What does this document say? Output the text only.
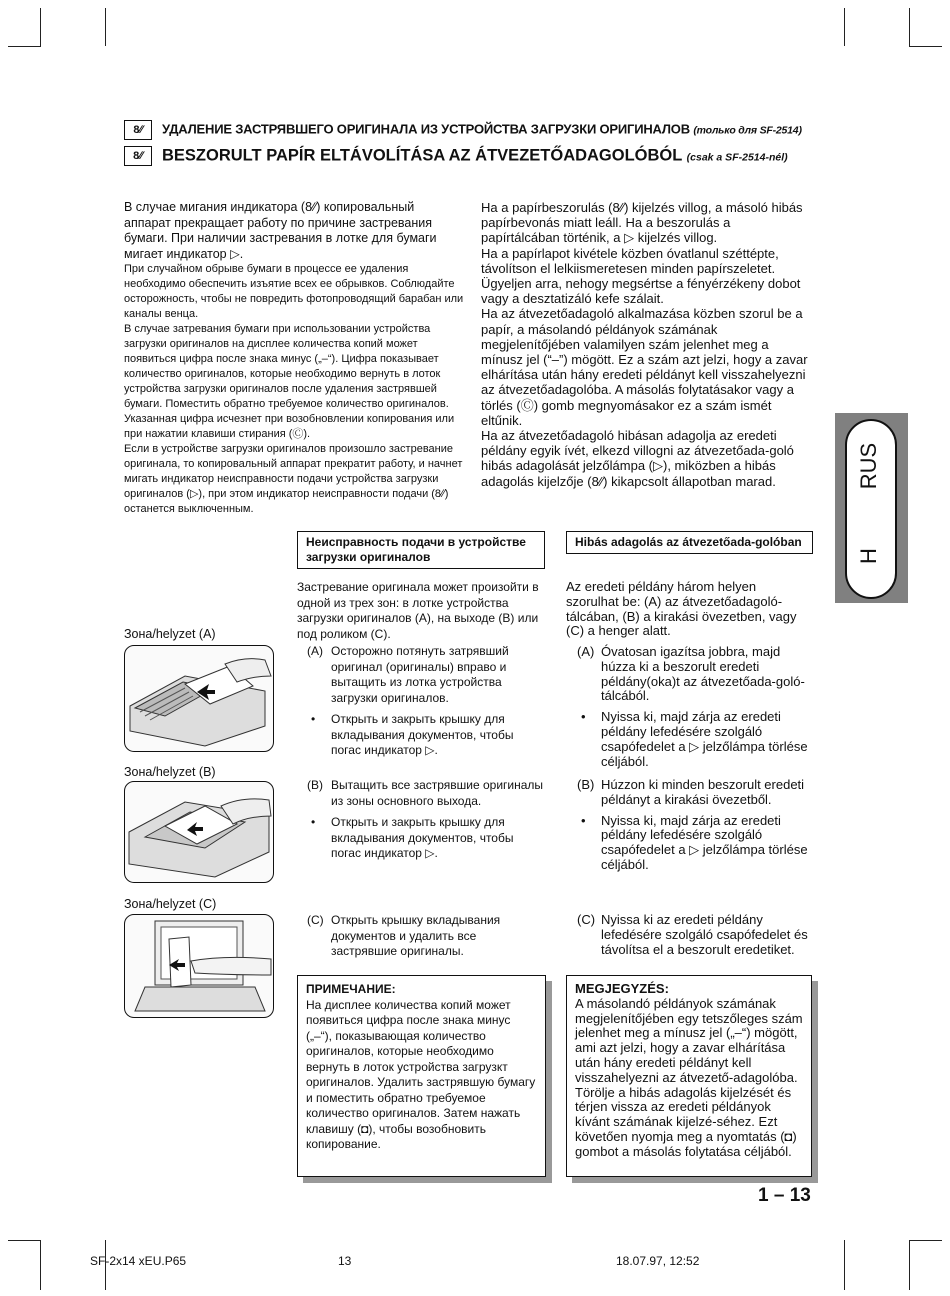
8∕∕ УДАЛЕНИЕ ЗАСТРЯВШЕГО ОРИГИНАЛА ИЗ УСТРОЙСТВА ЗАГРУЗКИ ОРИГИНАЛОВ (только для SF-2514)
8∕∕ BESZORULT PAPÍR ELTÁVOLÍTÁSA AZ ÁTVEZETŐADAGOLÓBÓL (csak a SF-2514-nél)

В случае мигания индикатора (8∕∕) копировальный аппарат прекращает работу по причине застревания бумаги. При наличии застревания в лотке для бумаги мигает индикатор ▷.

При случайном обрыве бумаги в процессе ее удаления необходимо обеспечить изъятие всех ее обрывков. Соблюдайте осторожность, чтобы не повредить фотопроводящий барабан или каналы венца.

В случае затревания бумаги при использовании устройства загрузки оригиналов на дисплее количества копий может появиться цифра после знака минус („–“). Цифра показывает количество оригиналов, которые необходимо вернуть в лоток устройства загрузки оригиналов после удаления застрявшей бумаги. Поместить обратно требуемое количество оригиналов. Указанная цифра исчезнет при возобновлении копирования или при нажатии клавиши стирания (Ⓒ).

Если в устройстве загрузки оригиналов произошло застревание оригинала, то копировальный аппарат прекратит работу, и начнет мигать индикатор неисправности подачи устройства загрузки оригиналов (▷), при этом индикатор неисправности подачи (8∕∕) останется выключенным.

Ha a papírbeszorulás (8∕∕) kijelzés villog, a másoló hibás papírbevonás miatt leáll. Ha a beszorulás a papírtálcában történik, a ▷ kijelzés villog.

Ha a papírlapot kivétele közben óvatlanul széttépte, távolítson el lelkiismeretesen minden papírszeletet. Ügyeljen arra, nehogy megsértse a fényérzékeny dobot vagy a desztatizáló kefe szálait.

Ha az átvezetőadagoló alkalmazása közben szorul be a papír, a másolandó példányok számának megjelenítőjében valamilyen szám jelenhet meg a mínusz jel (“–”) mögött. Ez a szám azt jelzi, hogy a zavar elhárítása után hány eredeti példányt kell visszahelyezni az átvezetőadagolóba. A másolás folytatásakor vagy a törlés (Ⓒ) gomb megnyomásakor ez a szám ismét eltűnik.

Ha az átvezetőadagoló hibásan adagolja az eredeti példány egyik ívét, elkezd villogni az átvezetőada-goló hibás adagolását jelzőlámpa (▷), miközben a hibás adagolás kijelzője (8∕∕) kikapcsolt állapotban marad.

Неисправность подачи в устройстве загрузки оригиналов
Hibás adagolás az átvezetőada-golóban
RUS
H
Зона/helyzet (A)
Зона/helyzet (B)
Зона/helyzet (C)
Застревание оригинала может произойти в одной из трех зон: в лотке устройства загрузки оригиналов (A), на выходе (B) или под роликом (C).
(A) Осторожно потянуть затрявший оригинал (оригиналы) вправо и вытащить из лотка устройства загрузки оригиналов.
•	Открыть и закрыть крышку для вкладывания документов, чтобы погас индикатор ▷.
(B) Вытащить все застрявшие оригиналы из зоны основного выхода.
•	Открыть и закрыть крышку для вкладывания документов, чтобы погас индикатор ▷.
(C) Открыть крышку вкладывания документов и удалить все застрявшие оригиналы.
Az eredeti példány három helyen szorulhat be: (A) az átvezetőadagoló-tálcában, (B) a kirakási övezetben, vagy (C) a henger alatt.
(A) Óvatosan igazítsa jobbra, majd húzza ki a beszorult eredeti példány(oka)t az átvezetőada-goló-tálcából.
•	Nyissa ki, majd zárja az eredeti példány lefedésére szolgáló csapófedelet a ▷ jelzőlámpa törlése céljából.
(B) Húzzon ki minden beszorult eredeti példányt a kirakási övezetből.
•	Nyissa ki, majd zárja az eredeti példány lefedésére szolgáló csapófedelet a ▷ jelzőlámpa törlése céljából.
(C) Nyissa ki az eredeti példány lefedésére szolgáló csapófedelet és távolítsa el a beszorult eredetiket.
ПРИМЕЧАНИЕ:
На дисплее количества копий может появиться цифра после знака минус („–“), показывающая количество оригиналов, которые необходимо вернуть в лоток устройства загрузкт оригиналов. Удалить застрявшую бумагу и поместить обратно требуемое количество оригиналов. Затем нажать клавишу (◘), чтобы возобновить копирование.
MEGJEGYZÉS:
A másolandó példányok számának megjelenítőjében egy tetszőleges szám jelenhet meg a mínusz jel („–“) mögött, ami azt jelzi, hogy a zavar elhárítása után hány eredeti példányt kell visszahelyezni az átvezető-adagolóba. Törölje a hibás adagolás kijelzését és térjen vissza az eredeti példányok kívánt számának kijelzé-séhez. Ezt követően nyomja meg a nyomtatás (◘) gombot a másolás folytatása céljából.
1 – 13
SF-2x14 xEU.P65	13	18.07.97, 12:52
